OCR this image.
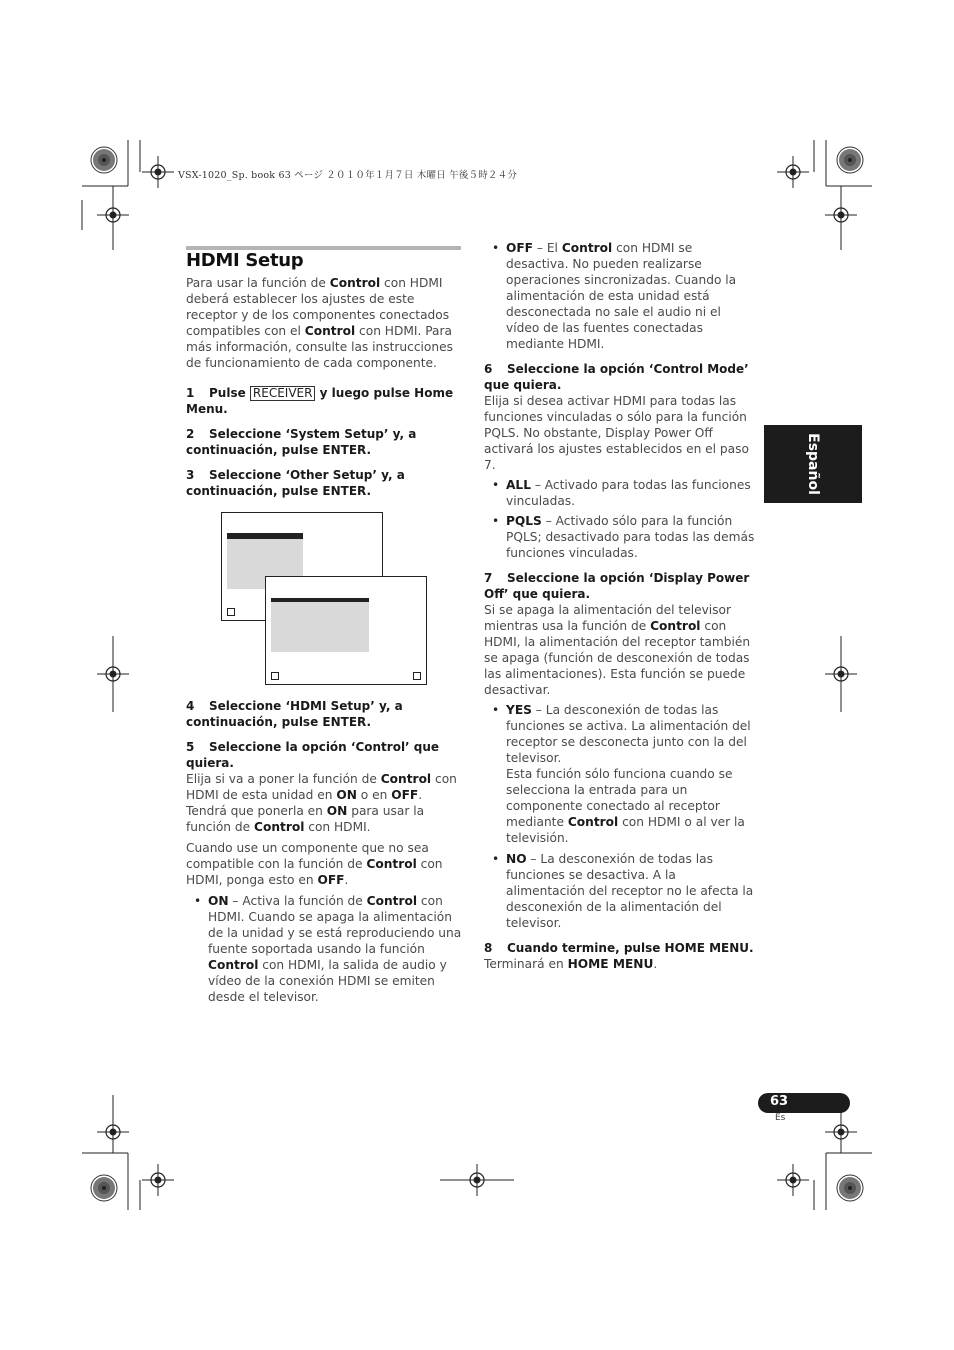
VSX-1020_Sp. book 63 ページ ２０１０年１月７日 木曜日 午後５時２４分
HDMI Setup

Para usar la función de Control con HDMI deberá establecer los ajustes de este receptor y de los componentes conectados compatibles con el Control con HDMI. Para más información, consulte las instrucciones de funcionamiento de cada componente.

1 Pulse RECEIVER y luego pulse Home Menu.

2 Seleccione ‘System Setup’ y, a continuación, pulse ENTER.

3 Seleccione ‘Other Setup’ y, a continuación, pulse ENTER.

4 Seleccione ‘HDMI Setup’ y, a continuación, pulse ENTER.

5 Seleccione la opción ‘Control’ que quiera.

Elija si va a poner la función de Control con HDMI de esta unidad en ON o en OFF. Tendrá que ponerla en ON para usar la función de Control con HDMI.

Cuando use un componente que no sea compatible con la función de Control con HDMI, ponga esto en OFF.

• ON – Activa la función de Control con HDMI. Cuando se apaga la alimentación de la unidad y se está reproduciendo una fuente soportada usando la función Control con HDMI, la salida de audio y vídeo de la conexión HDMI se emiten desde el televisor.

• OFF – El Control con HDMI se desactiva. No pueden realizarse operaciones sincronizadas. Cuando la alimentación de esta unidad está desconectada no sale el audio ni el vídeo de las fuentes conectadas mediante HDMI.

6 Seleccione la opción ‘Control Mode’ que quiera.

Elija si desea activar HDMI para todas las funciones vinculadas o sólo para la función PQLS. No obstante, Display Power Off activará los ajustes establecidos en el paso 7.

• ALL – Activado para todas las funciones vinculadas.

• PQLS – Activado sólo para la función PQLS; desactivado para todas las demás funciones vinculadas.

7 Seleccione la opción ‘Display Power Off’ que quiera.

Si se apaga la alimentación del televisor mientras usa la función de Control con HDMI, la alimentación del receptor también se apaga (función de desconexión de todas las alimentaciones). Esta función se puede desactivar.

• YES – La desconexión de todas las funciones se activa. La alimentación del receptor se desconecta junto con la del televisor.
Esta función sólo funciona cuando se selecciona la entrada para un componente conectado al receptor mediante Control con HDMI o al ver la televisión.

• NO – La desconexión de todas las funciones se desactiva. A la alimentación del receptor no le afecta la desconexión de la alimentación del televisor.

8 Cuando termine, pulse HOME MENU.

Terminará en HOME MENU.

Español
63
Es
